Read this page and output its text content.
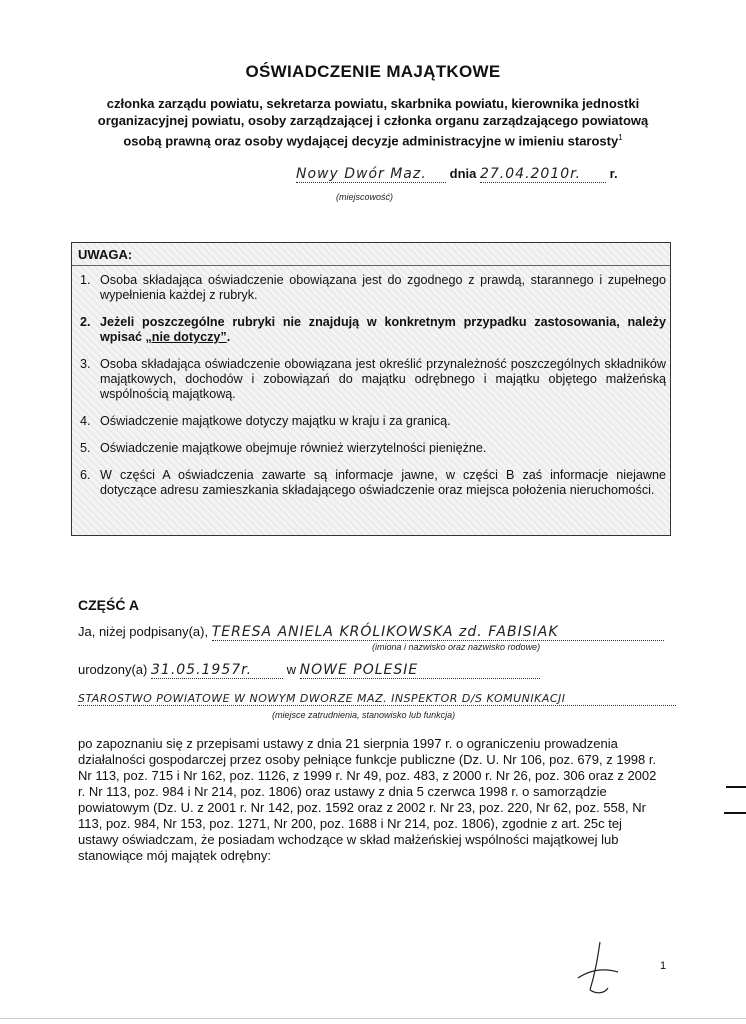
OŚWIADCZENIE MAJĄTKOWE
członka zarządu powiatu, sekretarza powiatu, skarbnika powiatu, kierownika jednostki organizacyjnej powiatu, osoby zarządzającej i członka organu zarządzającego powiatową osobą prawną oraz osoby wydającej decyzje administracyjne w imieniu starosty$^1$
Nowy Dwór Maz. dnia 27.04.2010r. r.
(miejscowość)
UWAGA:
1. Osoba składająca oświadczenie obowiązana jest do zgodnego z prawdą, starannego i zupełnego wypełnienia każdej z rubryk.
2. Jeżeli poszczególne rubryki nie znajdują w konkretnym przypadku zastosowania, należy wpisać „nie dotyczy”.
3. Osoba składająca oświadczenie obowiązana jest określić przynależność poszczególnych składników majątkowych, dochodów i zobowiązań do majątku odrębnego i majątku objętego małżeńską wspólnością majątkową.
4. Oświadczenie majątkowe dotyczy majątku w kraju i za granicą.
5. Oświadczenie majątkowe obejmuje również wierzytelności pieniężne.
6. W części A oświadczenia zawarte są informacje jawne, w części B zaś informacje niejawne dotyczące adresu zamieszkania składającego oświadczenie oraz miejsca położenia nieruchomości.
CZĘŚĆ A
Ja, niżej podpisany(a), TERESA ANIELA KRÓLIKOWSKA zd. FABISIAK
(imiona i nazwisko oraz nazwisko rodowe)
urodzony(a) 31.05.1957r.	w NOWE POLESIE
STAROSTWO POWIATOWE W NOWYM DWORZE MAZ. INSPEKTOR D/S KOMUNIKACJI
(miejsce zatrudnienia, stanowisko lub funkcja)
po zapoznaniu się z przepisami ustawy z dnia 21 sierpnia 1997 r. o ograniczeniu prowadzenia działalności gospodarczej przez osoby pełniące funkcje publiczne (Dz. U. Nr 106, poz. 679, z 1998 r. Nr 113, poz. 715 i Nr 162, poz. 1126, z 1999 r. Nr 49, poz. 483, z 2000 r. Nr 26, poz. 306 oraz z 2002 r. Nr 113, poz. 984 i Nr 214, poz. 1806) oraz ustawy z dnia 5 czerwca 1998 r. o samorządzie powiatowym (Dz. U. z 2001 r. Nr 142, poz. 1592 oraz z 2002 r. Nr 23, poz. 220, Nr 62, poz. 558, Nr 113, poz. 984, Nr 153, poz. 1271, Nr 200, poz. 1688 i Nr 214, poz. 1806), zgodnie z art. 25c tej ustawy oświadczam, że posiadam wchodzące w skład małżeńskiej wspólności majątkowej lub stanowiące mój majątek odrębny:
1
